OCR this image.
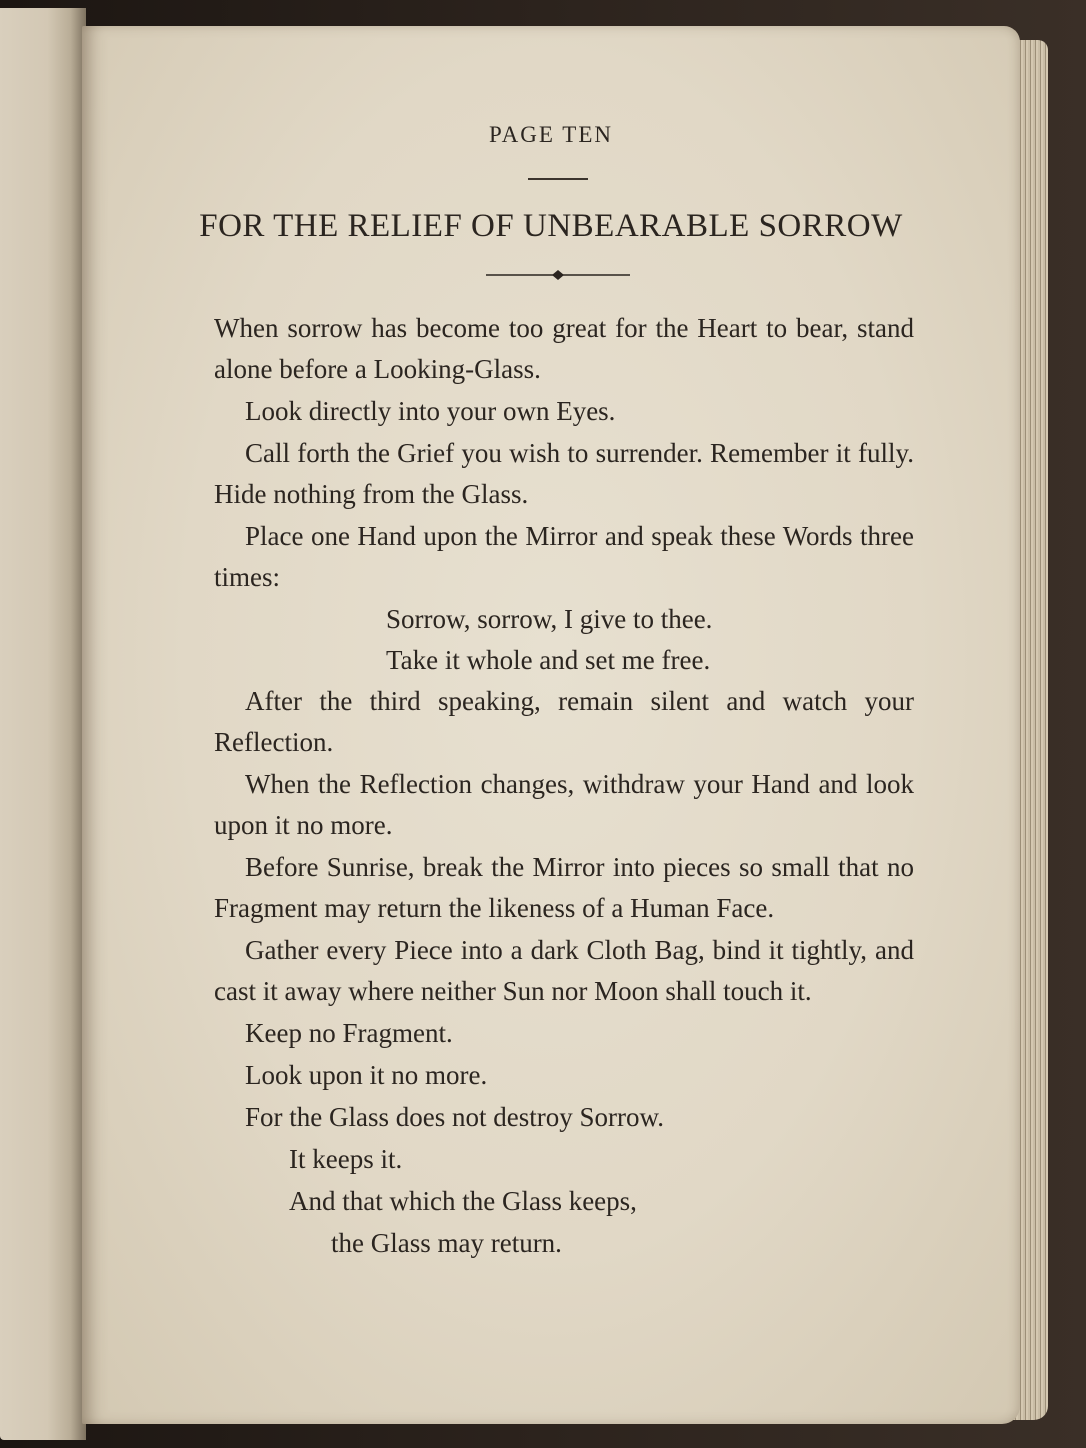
PAGE TEN
FOR THE RELIEF OF UNBEARABLE SORROW

When sorrow has become too great for the Heart to bear, stand alone before a Looking-Glass.

Look directly into your own Eyes.

Call forth the Grief you wish to surrender. Remember it fully. Hide nothing from the Glass.

Place one Hand upon the Mirror and speak these Words three times:

Sorrow, sorrow, I give to thee.

Take it whole and set me free.

After the third speaking, remain silent and watch your Reflection.

When the Reflection changes, withdraw your Hand and look upon it no more.

Before Sunrise, break the Mirror into pieces so small that no Fragment may return the likeness of a Human Face.

Gather every Piece into a dark Cloth Bag, bind it tightly, and cast it away where neither Sun nor Moon shall touch it.

Keep no Fragment.

Look upon it no more.

For the Glass does not destroy Sorrow.

It keeps it.

And that which the Glass keeps,

the Glass may return.
